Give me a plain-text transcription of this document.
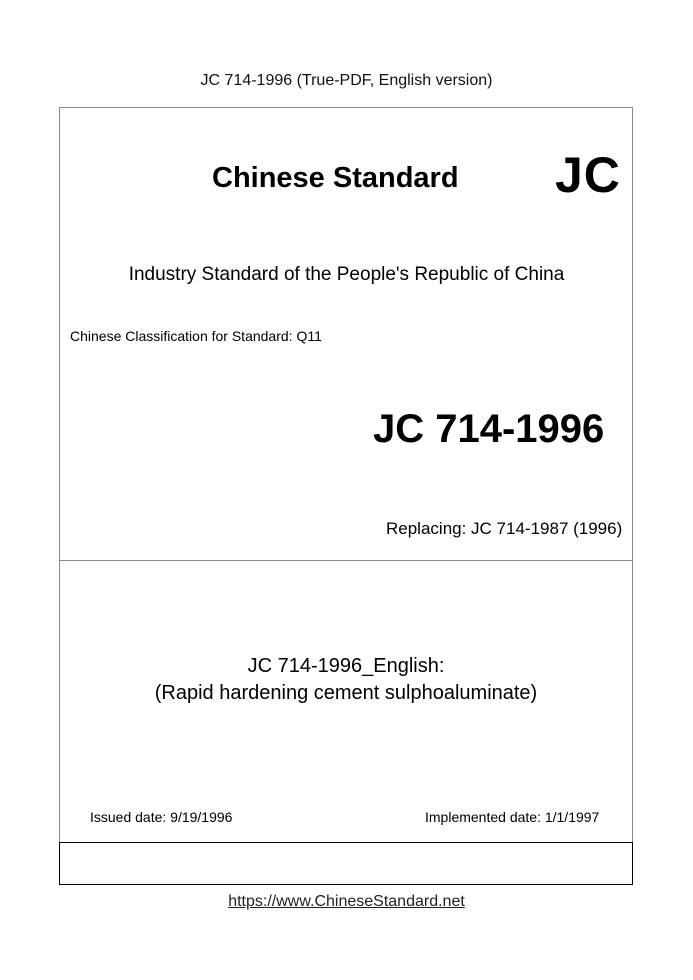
JC 714-1996 (True-PDF, English version)
Chinese Standard JC
Industry Standard of the People's Republic of China
Chinese Classification for Standard: Q11
JC 714-1996
Replacing: JC 714-1987 (1996)
JC 714-1996_English:
(Rapid hardening cement sulphoaluminate)
Issued date: 9/19/1996	Implemented date: 1/1/1997
https://www.ChineseStandard.net
